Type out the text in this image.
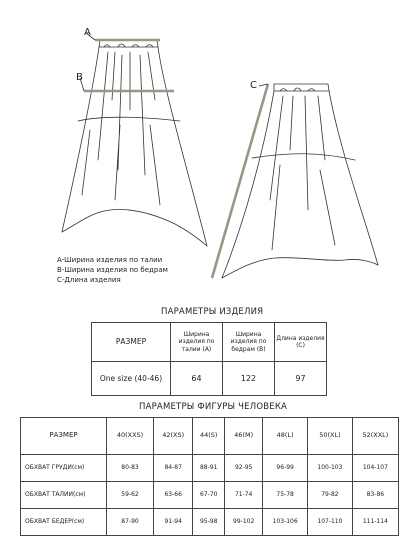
A
B
C
A-Ширина изделия по талии
B-Ширина изделия по бедрам
C-Длина изделия
ПАРАМЕТРЫ ИЗДЕЛИЯ
РАЗМЕР	Ширина изделия по талии (A)	Ширина изделия по бедрам (B)	Длина изделия (C)
One size (40-46)	64	122	97
ПАРАМЕТРЫ ФИГУРЫ ЧЕЛОВЕКА
РАЗМЕР	40(XXS)	42(XS)	44(S)	46(M)	48(L)	50(XL)	52(XXL)
ОБХВАТ ГРУДИ(см)	80-83	84-87	88-91	92-95	96-99	100-103	104-107
ОБХВАТ ТАЛИИ(см)	59-62	63-66	67-70	71-74	75-78	79-82	83-86
ОБХВАТ БЕДЕР(см)	87-90	91-94	95-98	99-102	103-106	107-110	111-114
